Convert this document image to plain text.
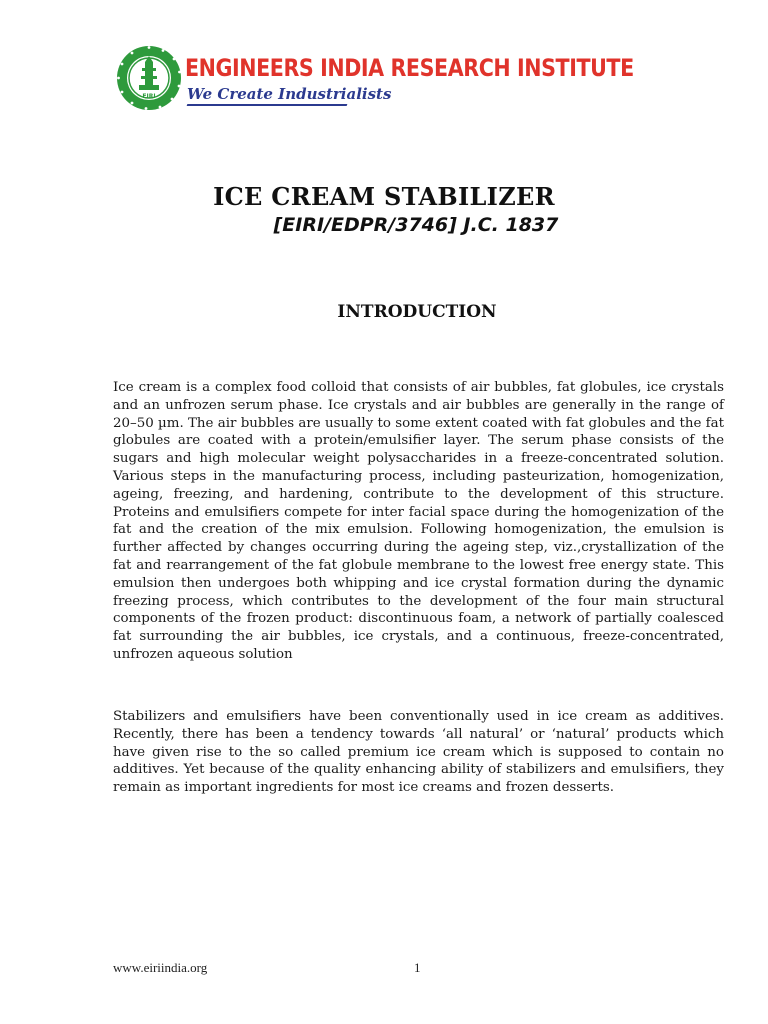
EIRI
ENGINEERS INDIA RESEARCH INSTITUTE
We Create Industrialists
ICE CREAM STABILIZER
[EIRI/EDPR/3746] J.C. 1837
INTRODUCTION

Ice cream is a complex food colloid that consists of air bubbles, fat globules, ice crystals and an unfrozen serum phase. Ice crystals and air bubbles are generally in the range of 20–50 µm. The air bubbles are usually to some extent coated with fat globules and the fat globules are coated with a protein/emulsifier layer. The serum phase consists of the sugars and high molecular weight polysaccharides in a freeze-concentrated solution. Various steps in the manufacturing process, including pasteurization, homogenization, ageing, freezing, and hardening, contribute to the development of this structure. Proteins and emulsifiers compete for inter facial space during the homogenization of the fat and the creation of the mix emulsion. Following homogenization, the emulsion is further affected by changes occurring during the ageing step, viz.,crystallization of the fat and rearrangement of the fat globule membrane to the lowest free energy state. This emulsion then undergoes both whipping and ice crystal formation during the dynamic freezing process, which contributes to the development of the four main structural components of the frozen product: discontinuous foam, a network of partially coalesced fat surrounding the air bubbles, ice crystals, and a continuous, freeze-concentrated, unfrozen aqueous solution

Stabilizers and emulsifiers have been conventionally used in ice cream as additives. Recently, there has been a tendency towards ‘all natural’ or ‘natural’ products which have given rise to the so called premium ice cream which is supposed to contain no additives. Yet because of the quality enhancing ability of stabilizers and emulsifiers, they remain as important ingredients for most ice creams and frozen desserts.

www.eiriindia.org	1
